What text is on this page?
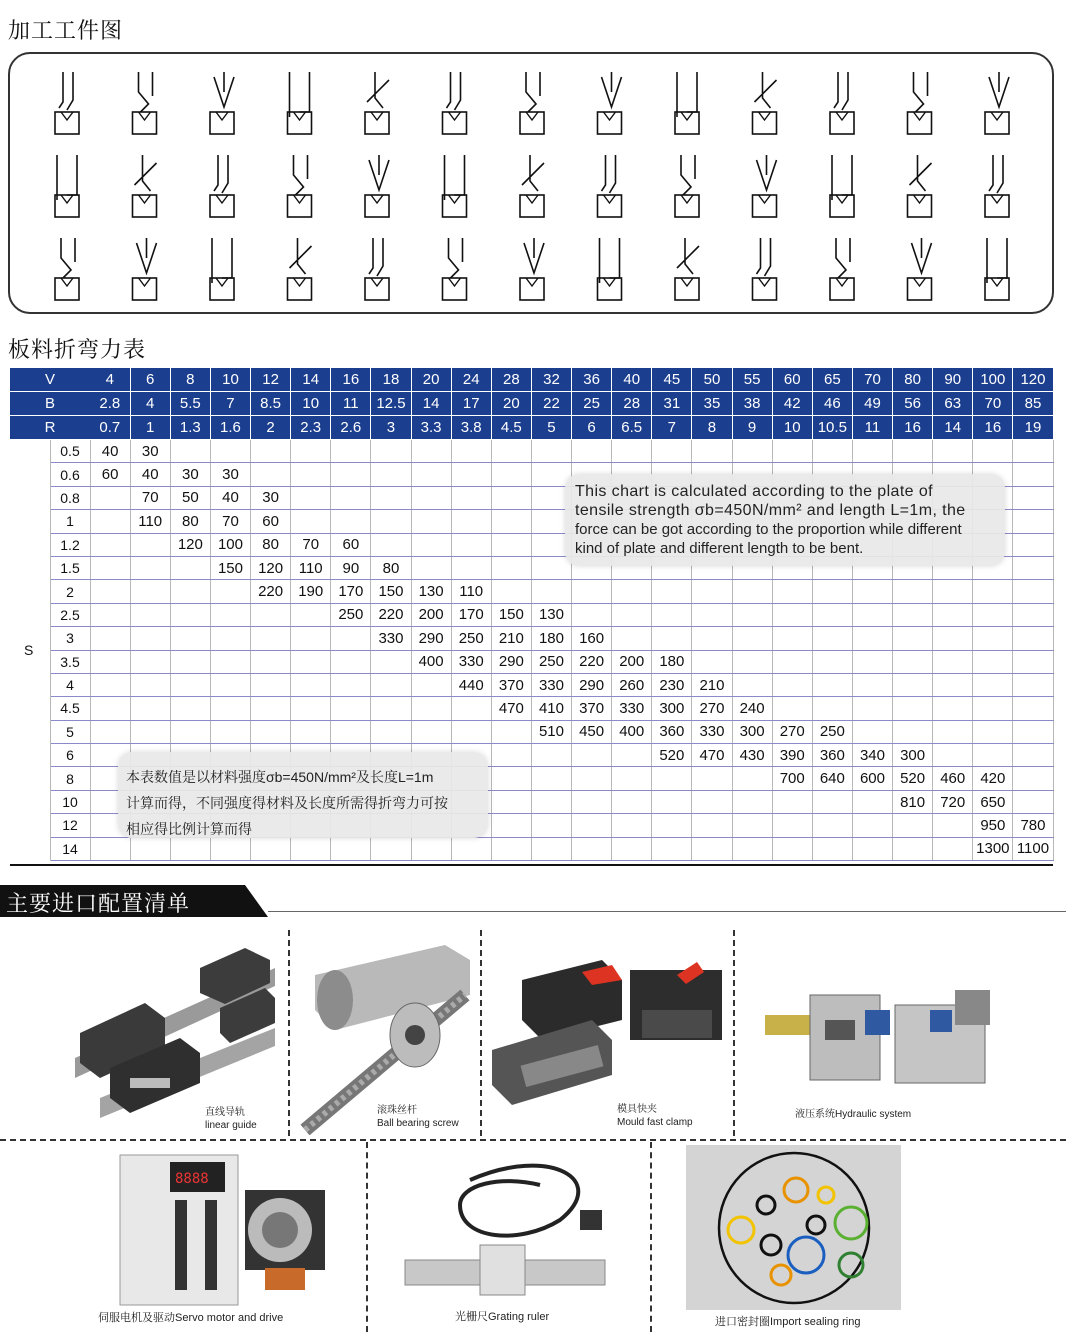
加工工件图
板料折弯力表
V		4	6	8	10	12	14	16	18	20	24	28	32	36	40	45	50	55	60	65	70	80	90	100	120
B		2.8	4	5.5	7	8.5	10	11	12.5	14	17	20	22	25	28	31	35	38	42	46	49	56	63	70	85
R		0.7	1	1.3	1.6	2	2.3	2.6	3	3.3	3.8	4.5	5	6	6.5	7	8	9	10	10.5	11	16	14	16	19
S	0.5	40	30																						
	0.6	60	40	30	30																				
	0.8		70	50	40	30																			
	1		110	80	70	60																			
	1.2			120	100	80	70	60																	
	1.5				150	120	110	90	80																
	2					220	190	170	150	130	110														
	2.5							250	220	200	170	150	130												
	3								330	290	250	210	180	160											
	3.5									400	330	290	250	220	200	180									
	4										440	370	330	290	260	230	210								
	4.5											470	410	370	330	300	270	240							
	5												510	450	400	360	330	300	270	250					
	6															520	470	430	390	360	340	300			
	8																		700	640	600	520	460	420	
	10																					810	720	650	
	12																							950	780
	14																							1300	1100
This chart is calculated according to the plate of
tensile strength σb=450N/mm² and length L=1m, the
force can be got according to the proportion while different
kind of plate and different length to be bent.
本表数值是以材料强度σb=450N/mm²及长度L=1m
计算而得，不同强度得材料及长度所需得折弯力可按
相应得比例计算而得
主要进口配置清单
直线导轨
linear guide
滚珠丝杆
Ball bearing screw
模具快夹
Mould fast clamp
液压系统Hydraulic system
8888
伺服电机及驱动Servo motor and drive	光栅尺Grating ruler	进口密封圈Import sealing ring
